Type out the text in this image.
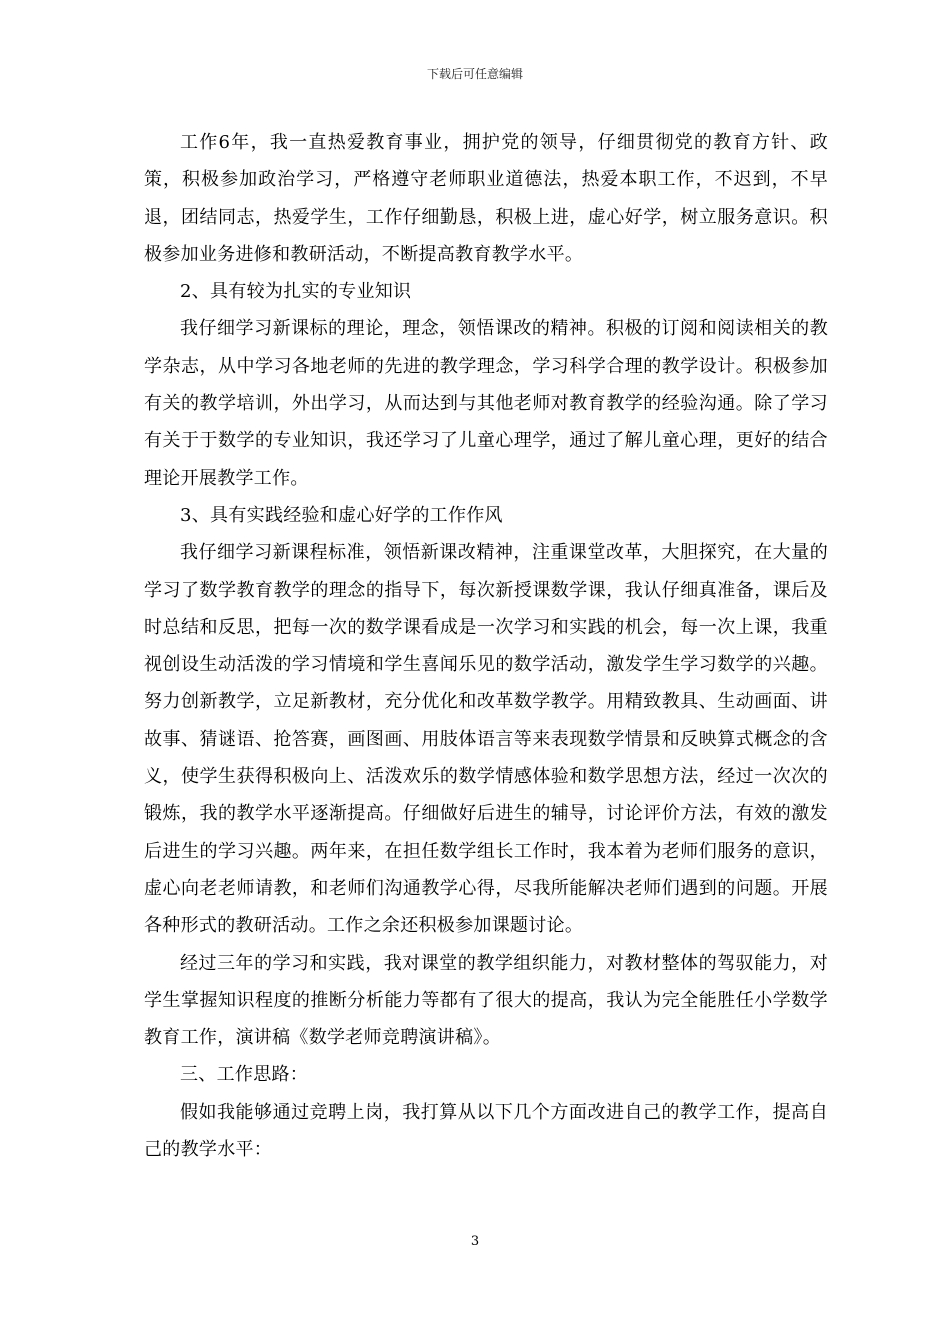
下载后可任意编辑

工作6年，我一直热爱教育事业，拥护党的领导，仔细贯彻党的教育方针、政策，积极参加政治学习，严格遵守老师职业道德法，热爱本职工作，不迟到，不早退，团结同志，热爱学生，工作仔细勤恳，积极上进，虚心好学，树立服务意识。积极参加业务进修和教研活动，不断提高教育教学水平。

2、具有较为扎实的专业知识

我仔细学习新课标的理论，理念，领悟课改的精神。积极的订阅和阅读相关的教学杂志，从中学习各地老师的先进的教学理念，学习科学合理的教学设计。积极参加有关的教学培训，外出学习，从而达到与其他老师对教育教学的经验沟通。除了学习有关于于数学的专业知识，我还学习了儿童心理学，通过了解儿童心理，更好的结合理论开展教学工作。

3、具有实践经验和虚心好学的工作作风

我仔细学习新课程标准，领悟新课改精神，注重课堂改革，大胆探究，在大量的学习了数学教育教学的理念的指导下，每次新授课数学课，我认仔细真准备，课后及时总结和反思，把每一次的数学课看成是一次学习和实践的机会，每一次上课，我重视创设生动活泼的学习情境和学生喜闻乐见的数学活动，激发学生学习数学的兴趣。努力创新教学，立足新教材，充分优化和改革数学教学。用精致教具、生动画面、讲故事、猜谜语、抢答赛，画图画、用肢体语言等来表现数学情景和反映算式概念的含义，使学生获得积极向上、活泼欢乐的数学情感体验和数学思想方法，经过一次次的锻炼，我的教学水平逐渐提高。仔细做好后进生的辅导，讨论评价方法，有效的激发后进生的学习兴趣。两年来，在担任数学组长工作时，我本着为老师们服务的意识，虚心向老老师请教，和老师们沟通教学心得，尽我所能解决老师们遇到的问题。开展各种形式的教研活动。工作之余还积极参加课题讨论。

经过三年的学习和实践，我对课堂的教学组织能力，对教材整体的驾驭能力，对学生掌握知识程度的推断分析能力等都有了很大的提高，我认为完全能胜任小学数学教育工作，演讲稿《数学老师竞聘演讲稿》。

三、工作思路：

假如我能够通过竞聘上岗，我打算从以下几个方面改进自己的教学工作，提高自己的教学水平：

3
